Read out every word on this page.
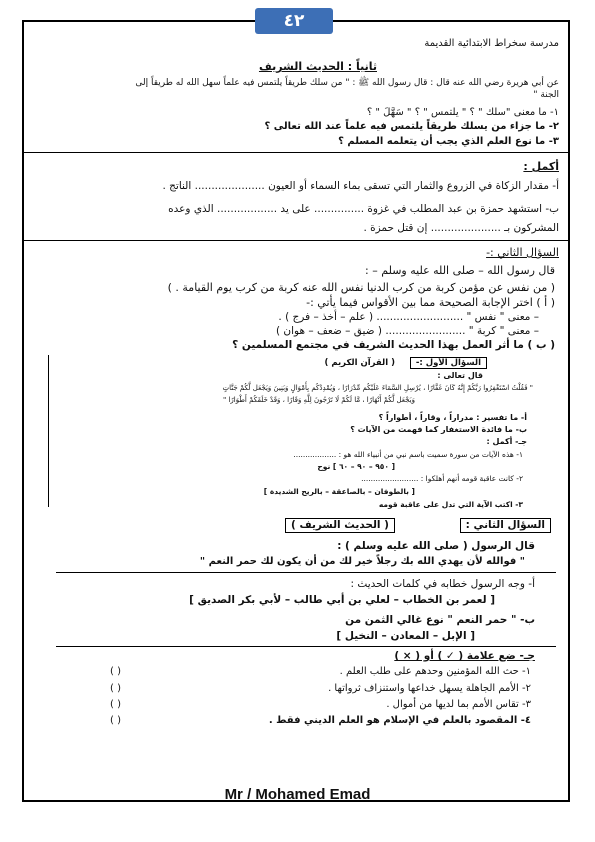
٤٢
مدرسة سخراط الابتدائية القديمة
ثانياً : الحديث الشريف
عن أبي هريرة رضي الله عنه قال : قال رسول الله ﷺ : " من سلك طريقاً يلتمس فيه علماً سهل الله له طريقاً إلى
الجنة "
١- ما معنى "سلك " ؟ " يلتمس " ؟ " سَهَّلَ " ؟
٢- ما جزاء من يسلك طريقاً يلتمس فيه علماً عند الله تعالى ؟
٣- ما نوع العلم الذي يجب أن يتعلمه المسلم ؟
أكمل :
أ- مقدار الزكاة في الزروع والثمار التي تسقى بماء السماء أو العيون ..................... الناتج .
ب- استشهد حمزة بن عبد المطلب في غزوة ............... على يد .................. الذي وعده
المشركون بـ ..................... إن قتل حمزة .
السؤال الثاني :-
قال رسول الله – صلى الله عليه وسلم – :
( من نفس عن مؤمن كربة من كرب الدنيا نفس الله عنه كربة من كرب يوم القيامة . )
( أ ) اختر الإجابة الصحيحة مما بين الأقواس فيما يأتي :-
– معنى " نفس " .......................... ( علم – أخذ – فرج ) .
– معنى " كربة " ........................ ( ضيق – ضعف – هوان )
( ب ) ما أثر العمل بهذا الحديث الشريف في مجتمع المسلمين ؟
السؤال الأول :-
( القرآن الكريم )
قال تعالى :
" فَقُلْتُ اسْتَغْفِرُوا رَبَّكُمْ إِنَّهُ كَانَ غَفَّارًا ، يُرْسِلِ السَّمَاءَ عَلَيْكُم مِّدْرَارًا ، وَيُمْدِدْكُم بِأَمْوَالٍ وَبَنِينَ وَيَجْعَل لَّكُمْ جَنَّاتٍ
وَيَجْعَل لَّكُمْ أَنْهَارًا ، مَّا لَكُمْ لَا تَرْجُونَ لِلَّهِ وَقَارًا ، وَقَدْ خَلَقَكُمْ أَطْوَارًا "
أ- ما تفسير : مدراراً ، وقاراً ، أطواراً ؟
ب- ما فائدة الاستغفار كما فهمت من الآيات ؟
جـ- أكمل :
١- هذه الآيات من سورة سميت باسم نبي من أنبياء الله هو : ..................
[ ٩٥٠ – ٩٠ – ٦٠ ] نوح
٢- كانت عاقبة قومه أنهم أهلكوا : ........................
[ بالطوفان – بالصاعقة – بالريح الشديدة ]
٣- اكتب الآية التي تدل على عاقبة قومه
السؤال الثاني :
( الحديث الشريف )
قال الرسول ( صلى الله عليه وسلم ) :
" فوالله لأن يهدي الله بك رجلاً خير لك من أن يكون لك حمر النعم "
أ- وجه الرسول خطابه في كلمات الحديث :
[ لعمر بن الخطاب – لعلي بن أبي طالب – لأبي بكر الصديق ]
ب- " حمر النعم " نوع غالي الثمن من
[ الإبل – المعادن – النخيل ]
جـ- ضع علامة ( ✓ ) أو ( × )
١- حث الله المؤمنين وحدهم على طلب العلم .
( )
٢- الأمم الجاهلة يسهل خداعها واستنزاف ثرواتها .
( )
٣- تقاس الأمم بما لديها من أموال .
( )
٤- المقصود بالعلم في الإسلام هو العلم الديني فقط .
( )
Mr / Mohamed Emad
